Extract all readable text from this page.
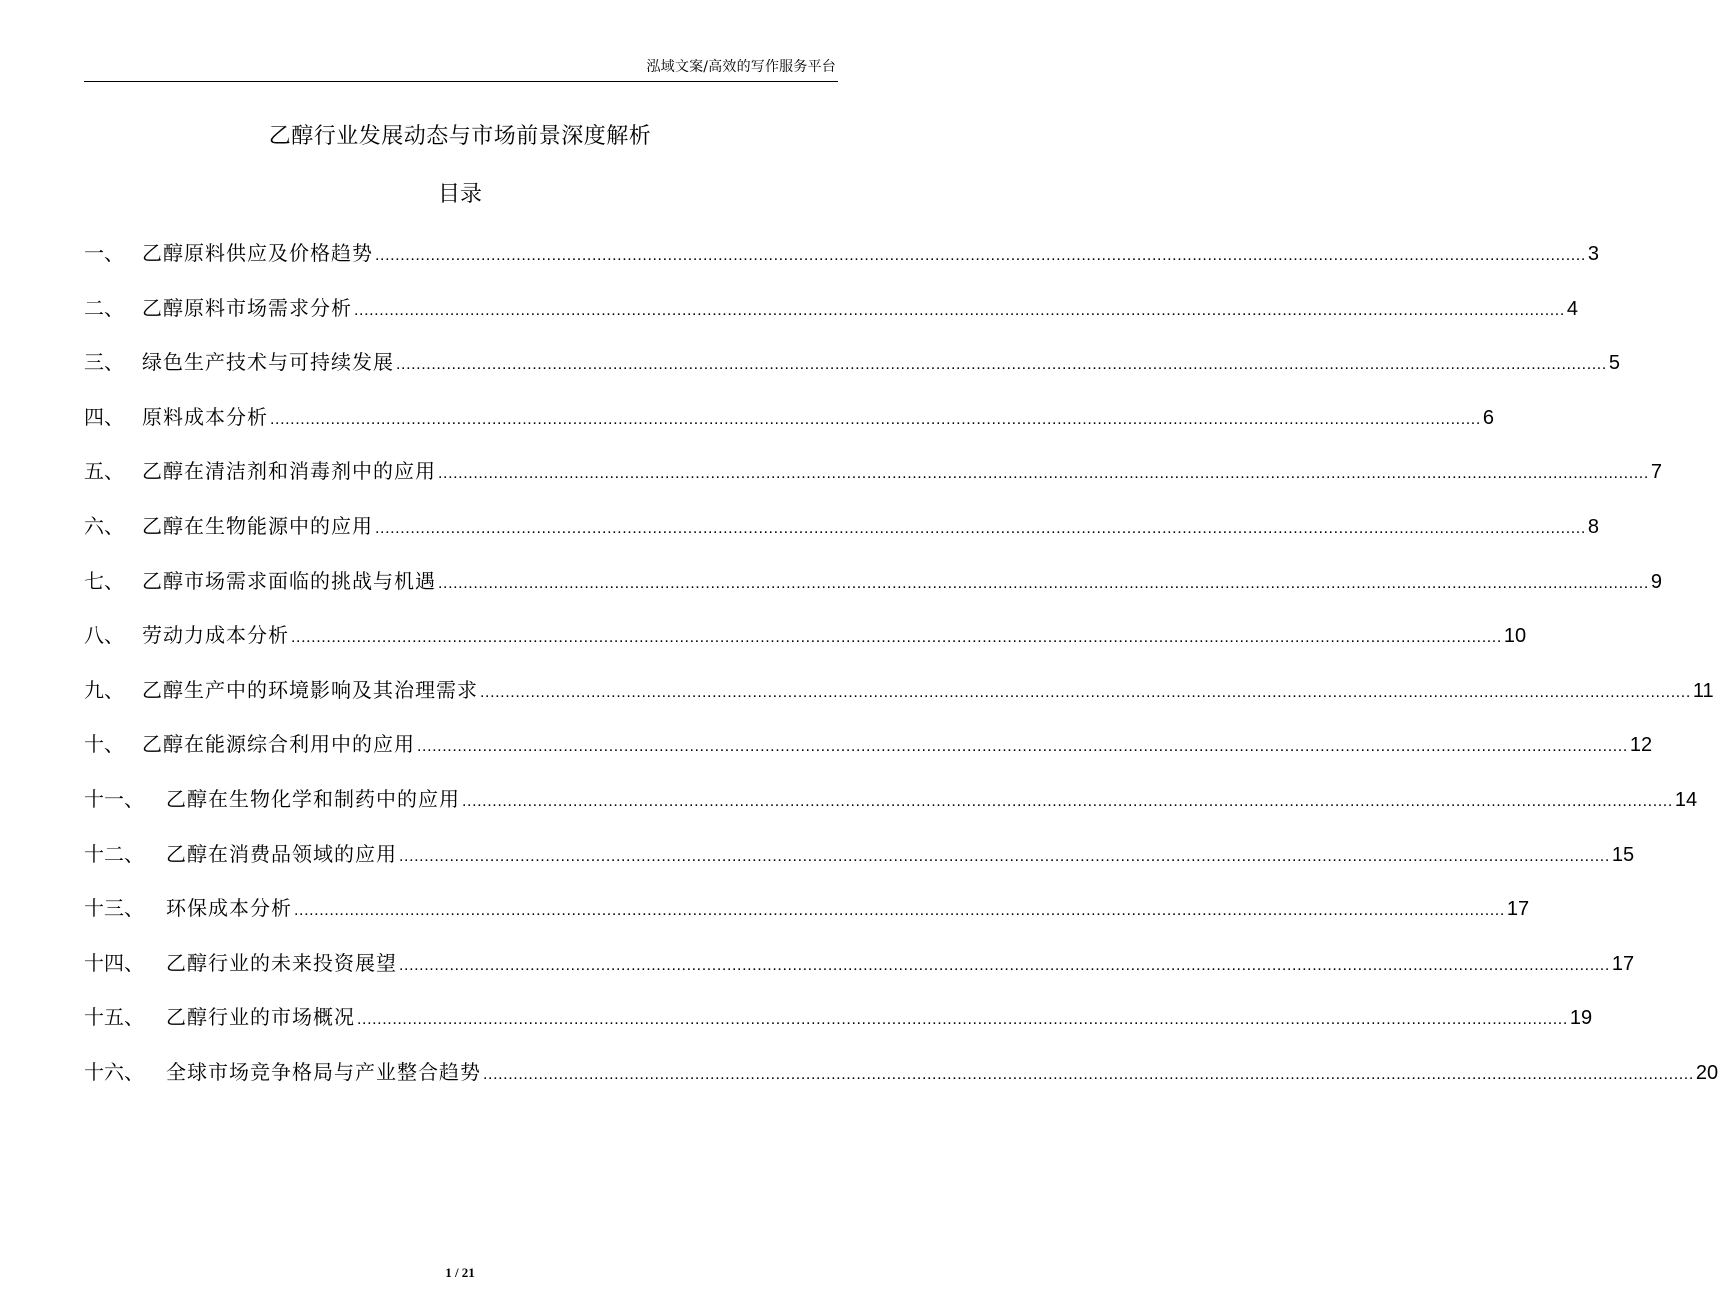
泓域文案/高效的写作服务平台
乙醇行业发展动态与市场前景深度解析
目录
一、 乙醇原料供应及价格趋势 ................................................................................................................................................................................................................................................ 3
二、 乙醇原料市场需求分析 ................................................................................................................................................................................................................................................ 4
三、 绿色生产技术与可持续发展 ................................................................................................................................................................................................................................................ 5
四、 原料成本分析 ................................................................................................................................................................................................................................................ 6
五、 乙醇在清洁剂和消毒剂中的应用 ................................................................................................................................................................................................................................................ 7
六、 乙醇在生物能源中的应用 ................................................................................................................................................................................................................................................ 8
七、 乙醇市场需求面临的挑战与机遇 ................................................................................................................................................................................................................................................ 9
八、 劳动力成本分析 ................................................................................................................................................................................................................................................ 10
九、 乙醇生产中的环境影响及其治理需求 ................................................................................................................................................................................................................................................ 11
十、 乙醇在能源综合利用中的应用 ................................................................................................................................................................................................................................................ 12
十一、	乙醇在生物化学和制药中的应用 ................................................................................................................................................................................................................................................ 14
十二、	乙醇在消费品领域的应用 ................................................................................................................................................................................................................................................ 15
十三、	环保成本分析 ................................................................................................................................................................................................................................................ 17
十四、	乙醇行业的未来投资展望 ................................................................................................................................................................................................................................................ 17
十五、	乙醇行业的市场概况 ................................................................................................................................................................................................................................................ 19
十六、	全球市场竞争格局与产业整合趋势 ................................................................................................................................................................................................................................................ 20
1 / 21
